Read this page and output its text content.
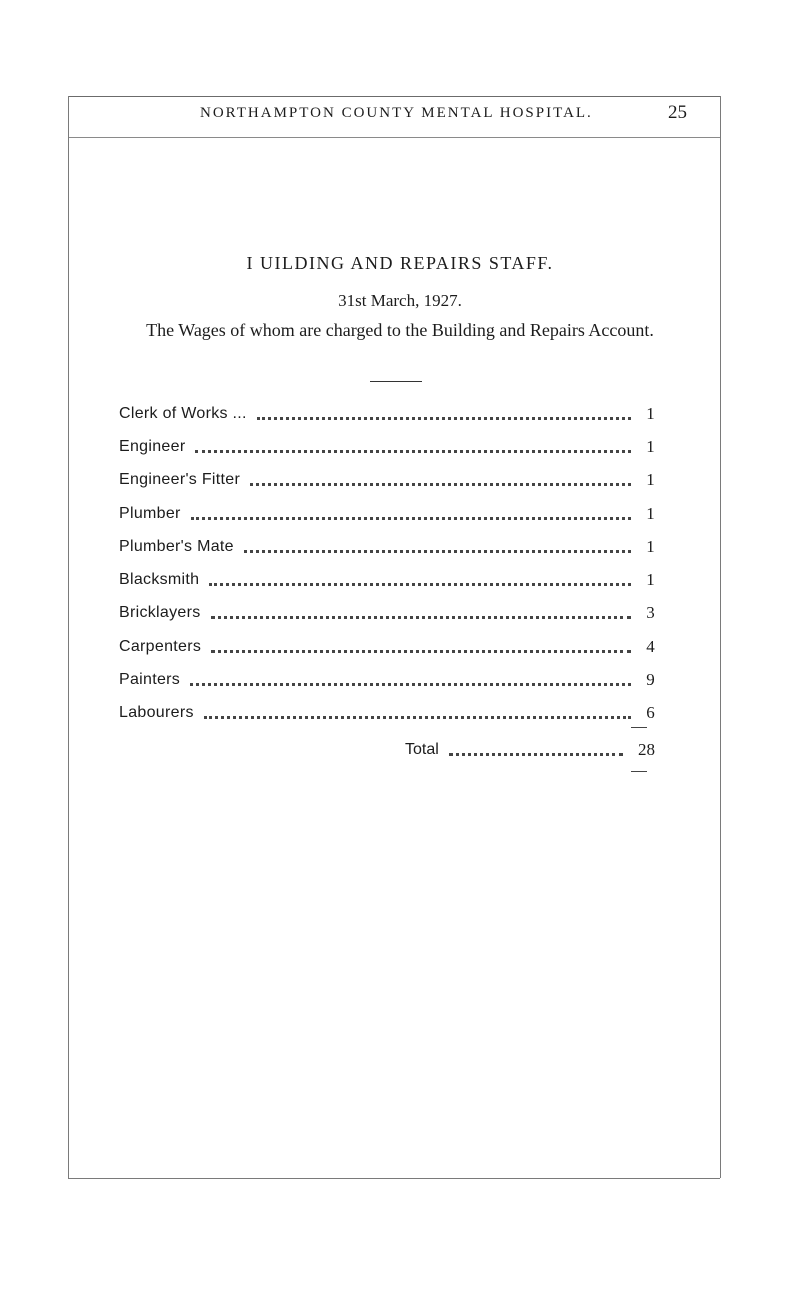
NORTHAMPTON COUNTY MENTAL HOSPITAL.	25
I UILDING AND REPAIRS STAFF.
31st March, 1927.
The Wages of whom are charged to the Building and Repairs Account.
Clerk of Works ...	1
Engineer	1
Engineer's Fitter	1
Plumber	1
Plumber's Mate	1
Blacksmith	1
Bricklayers	3
Carpenters	4
Painters	9
Labourers	6
Total	28
